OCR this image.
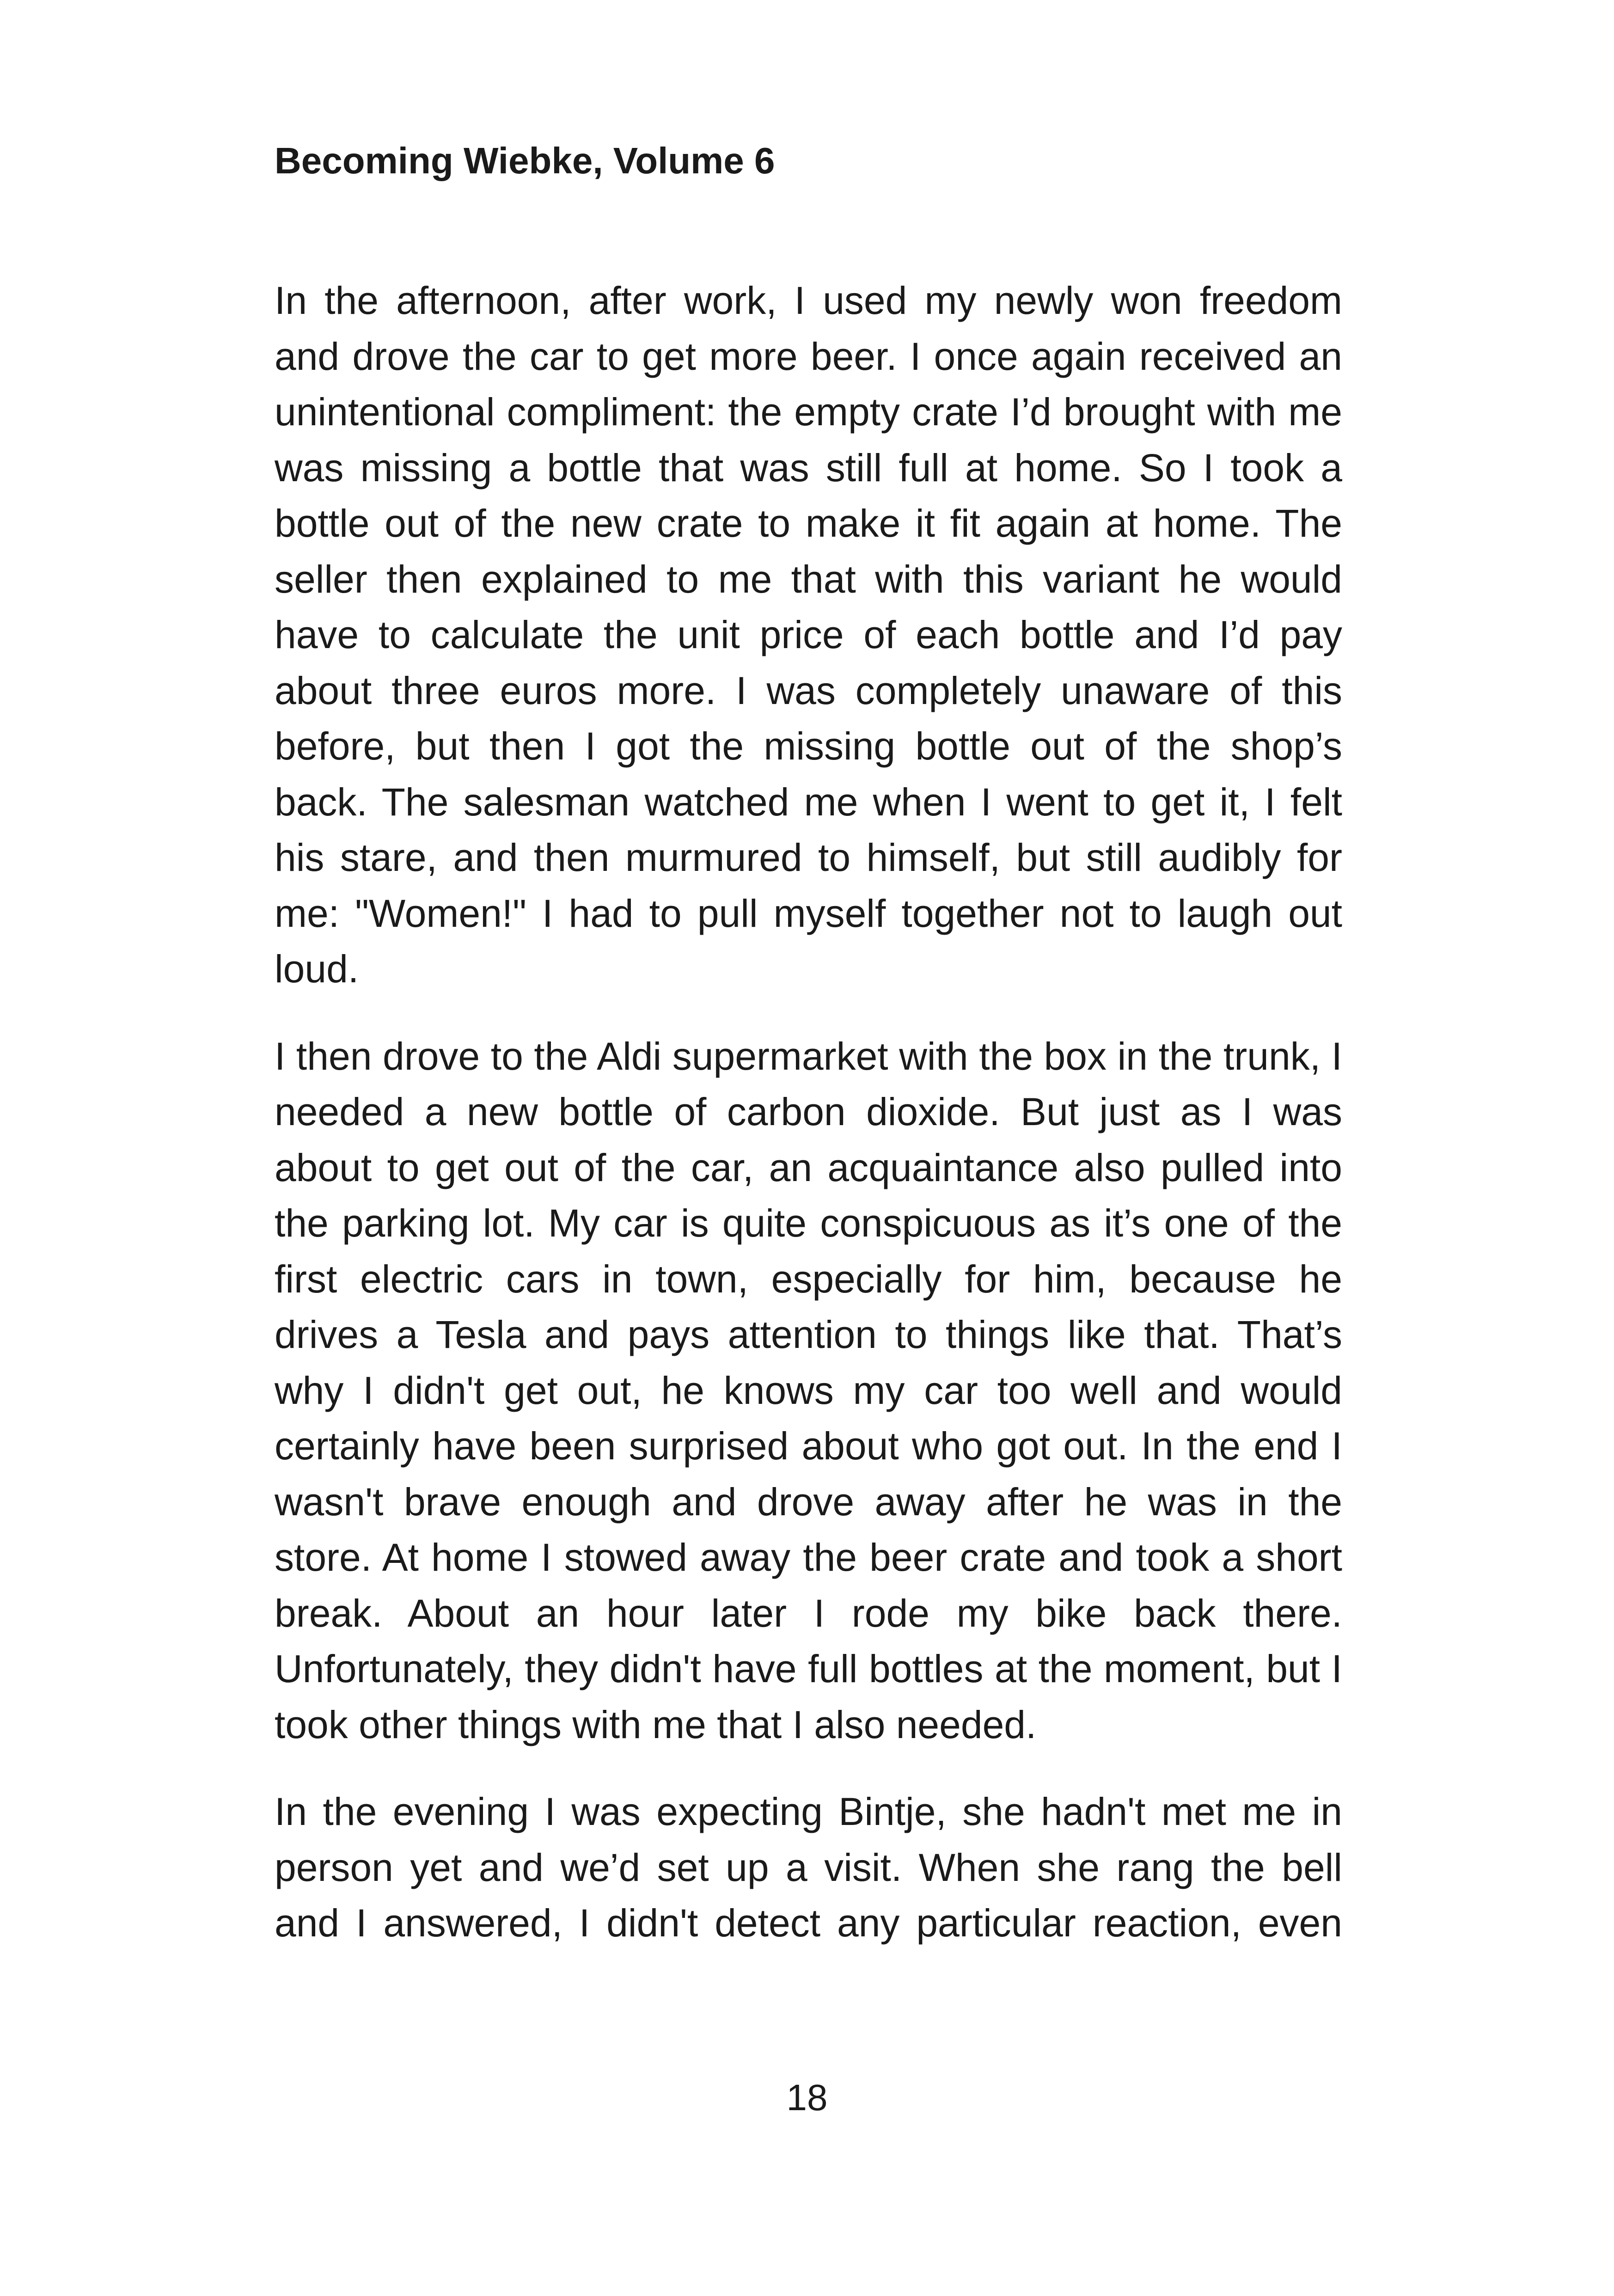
Becoming Wiebke, Volume 6

In the afternoon, after work, I used my newly won freedom and drove the car to get more beer. I once again received an unintentional compliment: the empty crate I’d brought with me was missing a bottle that was still full at home. So I took a bottle out of the new crate to make it fit again at home. The seller then explained to me that with this variant he would have to calculate the unit price of each bottle and I’d pay about three euros more. I was completely unaware of this before, but then I got the missing bottle out of the shop’s back. The salesman watched me when I went to get it, I felt his stare, and then murmured to himself, but still audibly for me: "Women!" I had to pull myself together not to laugh out loud.

I then drove to the Aldi supermarket with the box in the trunk, I needed a new bottle of carbon dioxide. But just as I was about to get out of the car, an acquaintance also pulled into the parking lot. My car is quite conspicuous as it’s one of the first electric cars in town, especially for him, because he drives a Tesla and pays attention to things like that. That’s why I didn't get out, he knows my car too well and would certainly have been surprised about who got out. In the end I wasn't brave enough and drove away after he was in the store. At home I stowed away the beer crate and took a short break. About an hour later I rode my bike back there. Unfortunately, they didn't have full bottles at the moment, but I took other things with me that I also needed.

In the evening I was expecting Bintje, she hadn't met me in person yet and we’d set up a visit. When she rang the bell and I answered, I didn't detect any particular reaction, even

18
